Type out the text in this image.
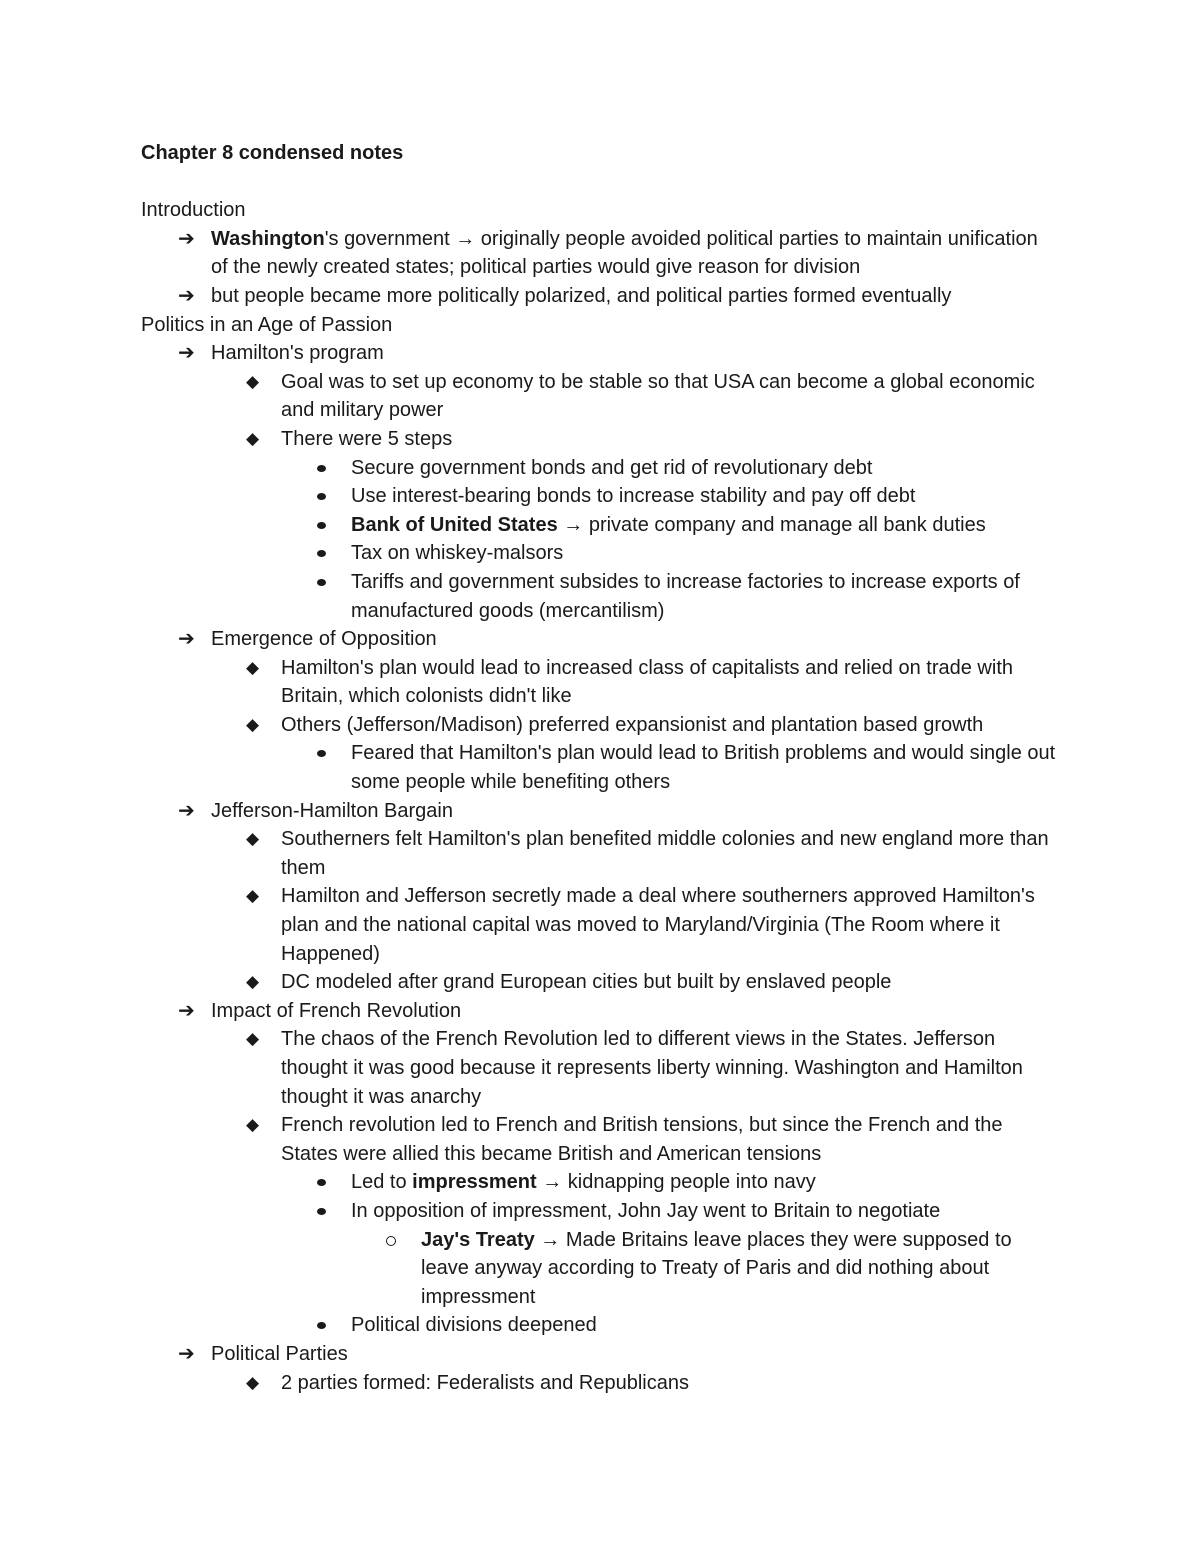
Chapter 8 condensed notes
Introduction
➔ Washington's government → originally people avoided political parties to maintain unification of the newly created states; political parties would give reason for division
➔ but people became more politically polarized, and political parties formed eventually
Politics in an Age of Passion
➔ Hamilton's program
◆	Goal was to set up economy to be stable so that USA can become a global economic and military power
◆	There were 5 steps
Secure government bonds and get rid of revolutionary debt
Use interest-bearing bonds to increase stability and pay off debt
Bank of United States → private company and manage all bank duties
Tax on whiskey-malsors
Tariffs and government subsides to increase factories to increase exports of manufactured goods (mercantilism)
➔ Emergence of Opposition
◆	Hamilton's plan would lead to increased class of capitalists and relied on trade with Britain, which colonists didn't like
◆	Others (Jefferson/Madison) preferred expansionist and plantation based growth
Feared that Hamilton's plan would lead to British problems and would single out some people while benefiting others
➔ Jefferson-Hamilton Bargain
◆	Southerners felt Hamilton's plan benefited middle colonies and new england more than them
◆	Hamilton and Jefferson secretly made a deal where southerners approved Hamilton's plan and the national capital was moved to Maryland/Virginia (The Room where it Happened)
◆	DC modeled after grand European cities but built by enslaved people
➔ Impact of French Revolution
◆	The chaos of the French Revolution led to different views in the States. Jefferson thought it was good because it represents liberty winning. Washington and Hamilton thought it was anarchy
◆	French revolution led to French and British tensions, but since the French and the States were allied this became British and American tensions
Led to impressment → kidnapping people into navy
In opposition of impressment, John Jay went to Britain to negotiate
Jay's Treaty → Made Britains leave places they were supposed to leave anyway according to Treaty of Paris and did nothing about impressment
Political divisions deepened
➔ Political Parties
◆	2 parties formed: Federalists and Republicans
